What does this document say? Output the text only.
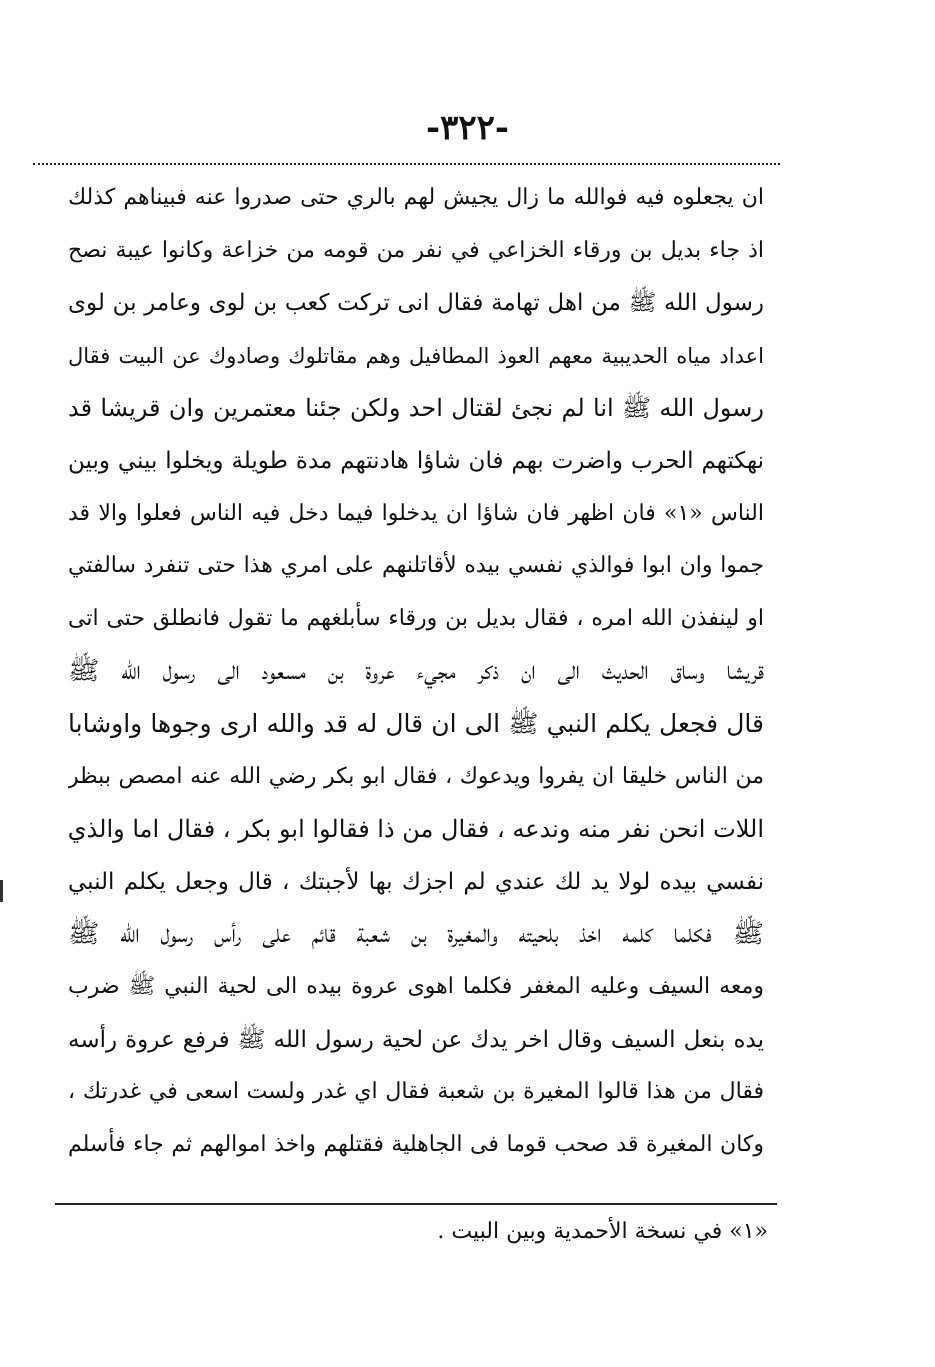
-٣٢٢-
ان يجعلوه فيه فوالله ما زال يجيش لهم بالري حتى صدروا عنه فبيناهم كذلك
اذ جاء بديل بن ورقاء الخزاعي في نفر من قومه من خزاعة وكانوا عيبة نصح
رسول الله ﷺ من اهل تهامة فقال انى تركت كعب بن لوى وعامر بن لوى
اعداد مياه الحديبية معهم العوذ المطافيل وهم مقاتلوك وصادوك عن البيت فقال
رسول الله ﷺ انا لم نجئ لقتال احد ولكن جئنا معتمرين وان قريشا قد
نهكتهم الحرب واضرت بهم فان شاؤا هادنتهم مدة طويلة ويخلوا بيني وبين
الناس «١» فان اظهر فان شاؤا ان يدخلوا فيما دخل فيه الناس فعلوا والا قد
جموا وان ابوا فوالذي نفسي بيده لأقاتلنهم على امري هذا حتى تنفرد سالفتي
او لينفذن الله امره ، فقال بديل بن ورقاء سأبلغهم ما تقول فانطلق حتى اتى
قريشا وساق الحديث الى ان ذكر مجيء عروة بن مسعود الى رسول الله ﷺ
قال فجعل يكلم النبي ﷺ الى ان قال له قد والله ارى وجوها واوشابا
من الناس خليقا ان يفروا ويدعوك ، فقال ابو بكر رضي الله عنه امصص ببظر
اللات انحن نفر منه وندعه ، فقال من ذا فقالوا ابو بكر ، فقال اما والذي
نفسي بيده لولا يد لك عندي لم اجزك بها لأجبتك ، قال وجعل يكلم النبي
ﷺ فكلما كلمه اخذ بلحيته والمغيرة بن شعبة قائم على رأس رسول الله ﷺ
ومعه السيف وعليه المغفر فكلما اهوى عروة بيده الى لحية النبي ﷺ ضرب
يده بنعل السيف وقال اخر يدك عن لحية رسول الله ﷺ فرفع عروة رأسه
فقال من هذا قالوا المغيرة بن شعبة فقال اي غدر ولست اسعى في غدرتك ،
وكان المغيرة قد صحب قوما فى الجاهلية فقتلهم واخذ اموالهم ثم جاء فأسلم
«١» في نسخة الأحمدية وبين البيت .
